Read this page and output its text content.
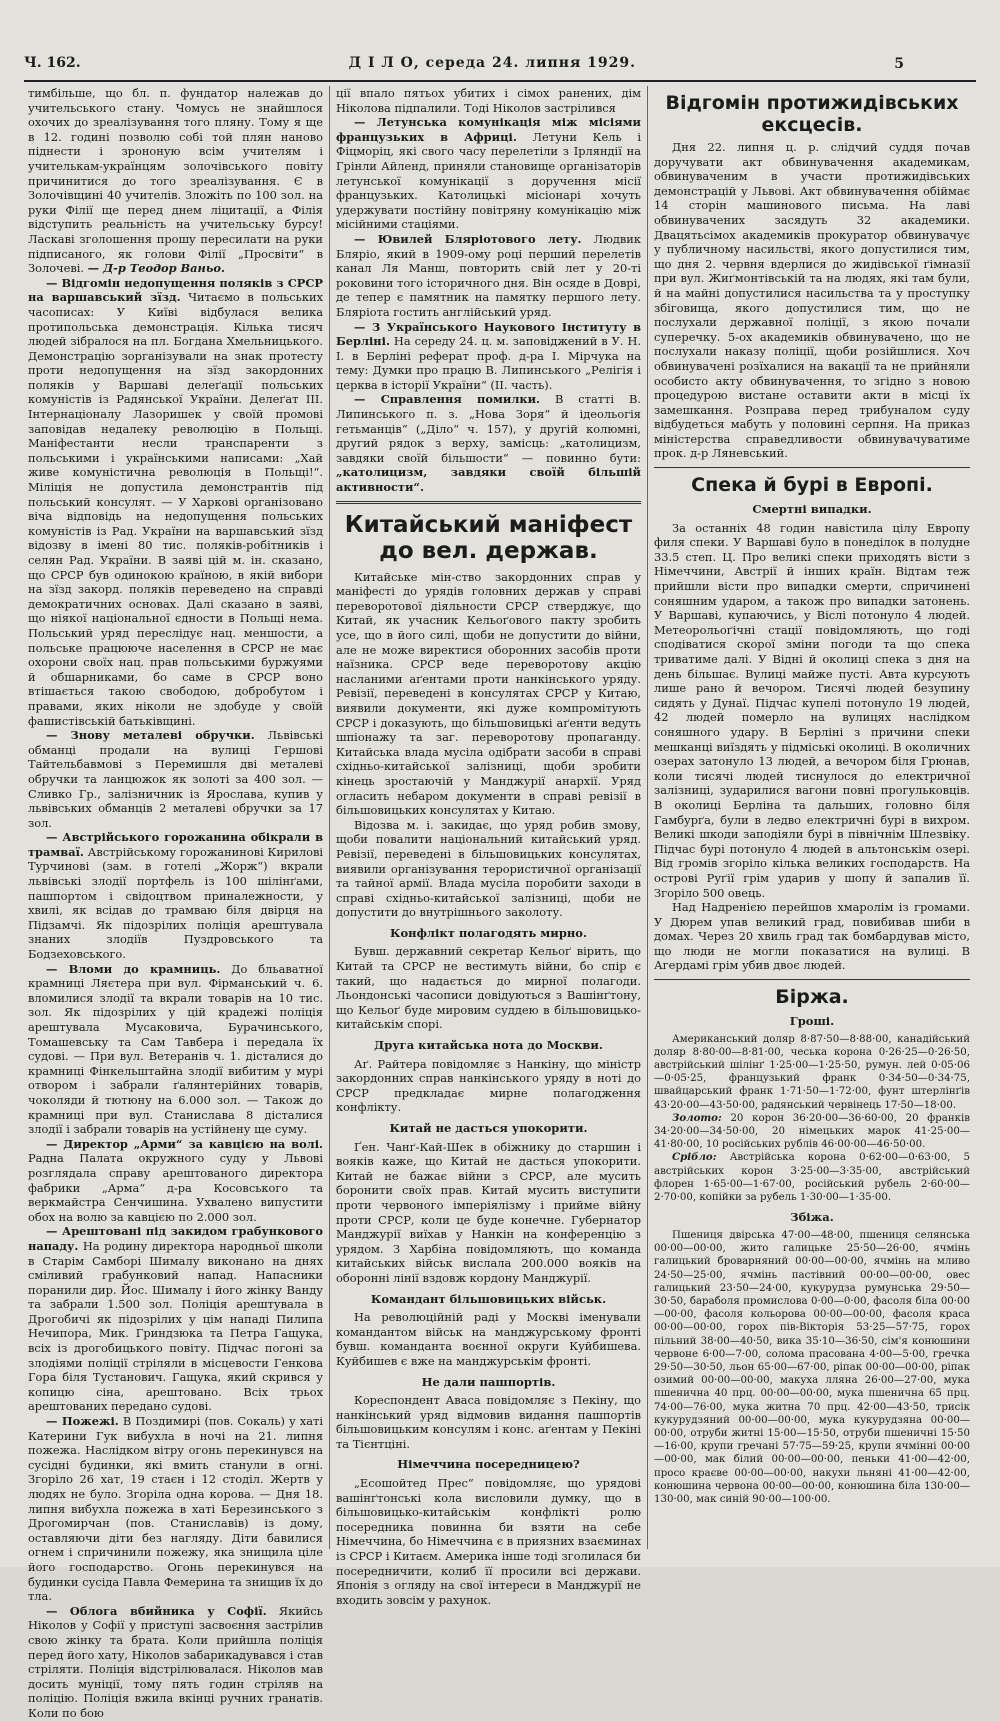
Ч. 162.	Д І Л О, середа 24. липня 1929.	5

тимбільше, що бл. п. фундатор належав до учительського стану. Чомусь не знайшлося охочих до зреалізування того пляну. Тому я ще в 12. годині позволю собі той плян наново піднести і зрононую всім учителям і учителькам-українцям золочівського повіту причинитися до того зреалізування. Є в Золочівщині 40 учителів. Зложіть по 100 зол. на руки Філії ще перед днем ліцитації, а Філія відступить реальність на учительську бурсу! Ласкаві зголошення прошу пересилати на руки підписаного, як голови Філії „Просвіти“ в Золочеві. — Д-р Теодор Ваньо.

— Відгомін недопущення поляків з СРСР на варшавський зїзд. Читаємо в польських часописах: У Київі відбулася велика протипольська демонстрація. Кілька тисяч людей зібралося на пл. Богдана Хмельницького. Демонстрацію зорганізували на знак протесту проти недопущення на зїзд закордонних поляків у Варшаві делеґації польських комуністів із Радянської України. Делеґат ІІІ. Інтернаціоналу Лазоришек у своїй промові заповідав недалеку революцію в Польщі. Маніфестанти несли транспаренти з польськими і українськими написами: „Хай живе комуністична революція в Польщі!“. Міліція не допустила демонстрантів під польський консулят. — У Харкові організовано віча відповідь на недопущення польських комуністів із Рад. України на варшавський зїзд відозву в імені 80 тис. поляків-робітників і селян Рад. України. В заяві цій м. ін. сказано, що СРСР був одинокою країною, в якій вибори на зїзд закорд. поляків переведено на справді демократичних основах. Далі сказано в заяві, що ніякої національної єдности в Польщі нема. Польський уряд переслідує нац. меншости, а польське працююче населення в СРСР не має охорони своїх нац. прав польськими буржуями й обшарниками, бо саме в СРСР воно втішається такою свободою, добробутом і правами, яких ніколи не здобуде у своїй фашистівській батьківщині.

— Знову металеві обручки. Львівські обманці продали на вулиці Гершові Тайтельбавмові з Перемишля дві металеві обручки та ланцюжок як золоті за 400 зол. — Сливко Гр., залізничник із Ярослава, купив у львівських обманців 2 металеві обручки за 17 зол.

— Австрійського горожанина обікрали в трамваї. Австрійському горожанинові Кирилові Турчинові (зам. в готелі „Жорж“) вкрали львівські злодії портфель із 100 шілінґами, пашпортом і свідоцтвом приналежности, у хвилі, як всідав до трамваю біля двірця на Підзамчі. Як підозрілих поліція арештувала знаних злодіїв Пуздровського та Бодзеховського.

— Вломи до крамниць. До бльаватної крамниці Ляєтера при вул. Фірманський ч. 6. вломилися злодії та вкрали товарів на 10 тис. зол. Як підозрілих у цій крадежі поліція арештувала Мусаковича, Бурачинського, Томашевську та Сам Тавбера і передала їх судові. — При вул. Ветеранів ч. 1. дісталися до крамниці Фінкельштайна злодії вибитим у мурі отвором і забрали ґалянтерійних товарів, чоколяди й тютюну на 6.000 зол. — Також до крамниці при вул. Станислава 8 дісталися злодії і забрали товарів на устійнену ще суму.

— Директор „Арми“ за кавцією на волі. Радна Палата окружного суду у Львові розглядала справу арештованого директора фабрики „Арма“ д-ра Косовського та веркмайстра Сенчишина. Ухвалено випустити обох на волю за кавцією по 2.000 зол.

— Арештовані під закидом грабункового нападу. На родину директора народньої школи в Старім Самборі Шималу виконано на днях сміливий грабунковий напад. Напасники поранили дир. Йос. Шималу і його жінку Ванду та забрали 1.500 зол. Поліція арештувала в Дрогобичі як підозрілих у цім нападі Пилипа Нечипора, Мик. Гриндзюка та Петра Гащука, всіх із дрогобицького повіту. Підчас погоні за злодіями поліції стріляли в місцевости Генкова Гора біля Тустанович. Гащука, який скрився у копицю сіна, арештовано. Всіх трьох арештованих передано судові.

— Пожежі. В Поздимирі (пов. Сокаль) у хаті Катерини Гук вибухла в ночі на 21. липня пожежа. Наслідком вітру огонь перекинувся на сусідні будинки, які вмить станули в огні. Згоріло 26 хат, 19 стаєн і 12 стоділ. Жертв у людях не було. Згоріла одна корова. — Дня 18. липня вибухла пожежа в хаті Березинського з Дрогомирчан (пов. Станиславів) із дому, оставляючи діти без нагляду. Діти бавилися огнем і спричинили пожежу, яка знищила ціле його господарство. Огонь перекинувся на будинки сусіда Павла Фемерина та знищив їх до тла.

— Облога вбийника у Софії. Якийсь Ніколов у Софії у приступі засвоєння застрілив свою жінку та брата. Коли прийшла поліція перед його хату, Ніколов забарикадувався і став стріляти. Поліція відстрілювалася. Ніколов мав досить муніції, тому пять годин стріляв на поліцію. Поліція вжила вкінці ручних гранатів. Коли по бою

ції впало пятьох убитих і сімох ранених, дім Ніколова підпалили. Тоді Ніколов застрілився

— Летунська комунікація між місіями французьких в Африці. Летуни Кель і Фіцморіц, які свого часу перелетіли з Ірляндії на Грінли Айленд, приняли становище організаторів летунської комунікації з доручення місії французьких. Католицькі місіонарі хочуть удержувати постійну повітряну комунікацію між місійними стаціями.

— Ювилей Бляріотового лету. Людвик Бляріо, який в 1909-ому році перший перелетів канал Ля Манш, повторить свій лет у 20-ті роковини того історичного дня. Він осяде в Доврі, де тепер є памятник на памятку першого лету. Бляріота гостить англійський уряд.

— З Українського Наукового Інституту в Берліні. На середу 24. ц. м. заповіджений в У. Н. І. в Берліні реферат проф. д-ра І. Мірчука на тему: Думки про працю В. Липинського „Релігія і церква в історії України“ (ІІ. часть).

— Справлення помилки. В статті В. Липинського п. з. „Нова Зоря“ й ідеольогія гетьманців“ („Діло“ ч. 157), у другій колюмні, другий рядок з верху, замісць: „католицизм, завдяки своїй більшости“ — повинно бути: „католицизм, завдяки своїй більшій активности“.

Китайський маніфест до вел. держав.

Китайське мін-ство закордонних справ у маніфесті до урядів головних держав у справі переворотової діяльности СРСР стверджує, що Китай, як учасник Кельоґового пакту зробить усе, що в його силі, щоби не допустити до війни, але не може виректися оборонних засобів проти наїзника. СРСР веде переворотову акцію насланими аґентами проти нанкінського уряду. Ревізії, переведені в консулятах СРСР у Китаю, виявили документи, які дуже компромітують СРСР і доказують, що більшовицькі аґенти ведуть шпіонажу та заг. переворотову пропаганду. Китайська влада мусіла одібрати засоби в справі східньо-китайської залізниці, щоби зробити кінець зростаючій у Манджурії анархії. Уряд огласить небаром документи в справі ревізії в більшовицьких консулятах у Китаю.

Відозва м. і. закидає, що уряд робив змову, щоби повалити національний китайський уряд. Ревізії, переведені в більшовицьких консулятах, виявили організування терористичної організації та тайної армії. Влада мусіла поробити заходи в справі східньо-китайської залізниці, щоби не допустити до внутрішнього заколоту.

Конфлікт полагодять мирно.

Бувш. державний секретар Кельоґ вірить, що Китай та СРСР не вестимуть війни, бо спір є такий, що надається до мирної полагоди. Льондонські часописи довідуються з Вашінґтону, що Кельоґ буде мировим суддею в більшовицько-китайськім спорі.

Друга китайська нота до Москви.

Аґ. Райтера повідомляє з Нанкіну, що міністр закордонних справ нанкінського уряду в ноті до СРСР предкладає мирне полагодження конфлікту.

Китай не дасться упокорити.

Ґен. Чанґ-Кай-Шек в обіжнику до старшин і вояків каже, що Китай не дасться упокорити. Китай не бажає війни з СРСР, але мусить боронити своїх прав. Китай мусить виступити проти червоного імперіялізму і прийме війну проти СРСР, коли це буде конечне. Губернатор Манджурії виїхав у Нанкін на конференцію з урядом. З Харбіна повідомляють, що команда китайських військ вислала 200.000 вояків на оборонні лінії вздовж кордону Манджурії.

Командант більшовицьких військ.

На революційній раді у Москві іменували командантом військ на манджурському фронті бувш. команданта воєнної округи Куйбишева. Куйбишев є вже на манджурськім фронті.

Не дали пашпортів.

Кореспондент Аваса повідомляє з Пекіну, що нанкінський уряд відмовив видання пашпортів більшовицьким консулям і конс. аґентам у Пекіні та Тієнтціні.

Німеччина посередницею?

„Есошойтед Прес“ повідомляє, що урядові вашінґтонські кола висловили думку, що в більшовицько-китайськім конфлікті ролю посередника повинна би взяти на себе Німеччина, бо Німеччина є в приязних взаєминах із СРСР і Китаєм. Америка інше тоді зголилася би посередничити, колиб її просили всі держави. Японія з огляду на свої інтереси в Манджурії не входить зовсім у рахунок.

Відгомін протижидівських ексцесів.

Дня 22. липня ц. р. слідчий суддя почав доручувати акт обвинувачення академикам, обвинуваченим в участи протижидівських демонстрацій у Львові. Акт обвинувачення обіймає 14 сторін машинового письма. На лаві обвинувачених засядуть 32 академики. Двацятьсімох академиків прокуратор обвинувачує у публичному насильстві, якого допустилися тим, що дня 2. червня вдерлися до жидівської ґімназії при вул. Жиґмонтівській та на людях, які там були, й на майні допустилися насильства та у проступку збіговища, якого допустилися тим, що не послухали державної поліції, з якою почали суперечку. 5-ох академиків обвинувачено, що не послухали наказу поліції, щоби розійшлися. Хоч обвинувачені розїхалися на вакації та не прийняли особисто акту обвинувачення, то згідно з новою процедурою вистане оставити акти в місці їх замешкання. Розправа перед трибуналом суду відбудеться мабуть у половині серпня. На приказ міністерства справедливости обвинувачуватиме прок. д-р Ляневський.

Спека й бурі в Европі.
Смертні випадки.

За останніх 48 годин навістила цілу Европу филя спеки. У Варшаві було в понеділок в полудне 33.5 степ. Ц. Про великі спеки приходять вісти з Німеччини, Австрії й інших країн. Відтам теж прийшли вісти про випадки смерти, спричинені соняшним ударом, а також про випадки затонень. У Варшаві, купаючись, у Віслі потонуло 4 людей. Метеорольоґічні стації повідомляють, що годі сподіватися скорої зміни погоди та що спека триватиме далі. У Відні й околиці спека з дня на день більшає. Вулиці майже пусті. Авта курсують лише рано й вечором. Тисячі людей безупину сидять у Дунаї. Підчас купелі потонуло 19 людей, 42 людей померло на вулицях наслідком соняшного удару. В Берліні з причини спеки мешканці виїздять у підміські околиці. В околичних озерах затонуло 13 людей, а вечором біля Грюнав, коли тисячі людей тиснулося до електричної залізниці, зударилися вагони повні прогульковців. В околиці Берліна та дальших, головно біля Гамбурґа, були в ледво електричні бурі в вихром. Великі шкоди заподіяли бурі в північнім Шлезвіку. Підчас бурі потонуло 4 людей в альтонськім озері. Від громів згоріло кілька великих господарств. На острові Руґії грім ударив у шопу й запалив її. Згоріло 500 овець.

Над Надренією перейшов хмаролім із громами. У Дюрем упав великий град, повибивав шиби в домах. Через 20 хвиль град так бомбардував місто, що люди не могли показатися на вулиці. В Агердамі грім убив двоє людей.

Біржа.
Гроші.

Американський доляр 8·87·50—8·88·00, канадійський доляр 8·80·00—8·81·00, чеська корона 0·26·25—0·26·50, австрійський шілінґ 1·25·00—1·25·50, румун. лей 0·05·06—0·05·25, французький франк 0·34·50—0·34·75, швайцарський франк 1·71·50—1·72·00, фунт штерлінґів 43·20·00—43·50·00, радянський червінець 17·50—18·00.

Золото: 20 корон 36·20·00—36·60·00, 20 франків 34·20·00—34·50·00, 20 німецьких марок 41·25·00—41·80·00, 10 російських рублів 46·00·00—46·50·00.

Срібло: Австрійська корона 0·62·00—0·63·00, 5 австрійських корон 3·25·00—3·35·00, австрійський флорен 1·65·00—1·67·00, російський рубель 2·60·00—2·70·00, копійки за рубель 1·30·00—1·35·00.

Збіжа.

Пшениця двірська 47·00—48·00, пшениця селянська 00·00—00·00, жито галицьке 25·50—26·00, ячмінь галицький броварняний 00·00—00·00, ячмінь на мливо 24·50—25·00, ячмінь пастівний 00·00—00·00, овес галицький 23·50—24·00, кукурудза румунська 29·50—30·50, бараболя промислова 0·00—0·00, фасоля біла 00·00—00·00, фасоля кольорова 00·00—00·00, фасоля краса 00·00—00·00, горох пів-Вікторія 53·25—57·75, горох пільний 38·00—40·50, вика 35·10—36·50, сім'я конюшини червоне 6·00—7·00, солома прасована 4·00—5·00, гречка 29·50—30·50, льон 65·00—67·00, ріпак 00·00—00·00, ріпак озимий 00·00—00·00, макуха лляна 26·00—27·00, мука пшенична 40 прц. 00·00—00·00, мука пшенична 65 прц. 74·00—76·00, мука житна 70 прц. 42·00—43·50, трисік кукурудзяний 00·00—00·00, мука кукурудзяна 00·00—00·00, отруби житні 15·00—15·50, отруби пшеничні 15·50—16·00, крупи гречані 57·75—59·25, крупи ячмінні 00·00—00·00, мак білий 00·00—00·00, пеньки 41·00—42·00, просо краєве 00·00—00·00, накухи льняні 41·00—42·00, конюшина червона 00·00—00·00, конюшина біла 130·00—130·00, мак синій 90·00—100·00.
